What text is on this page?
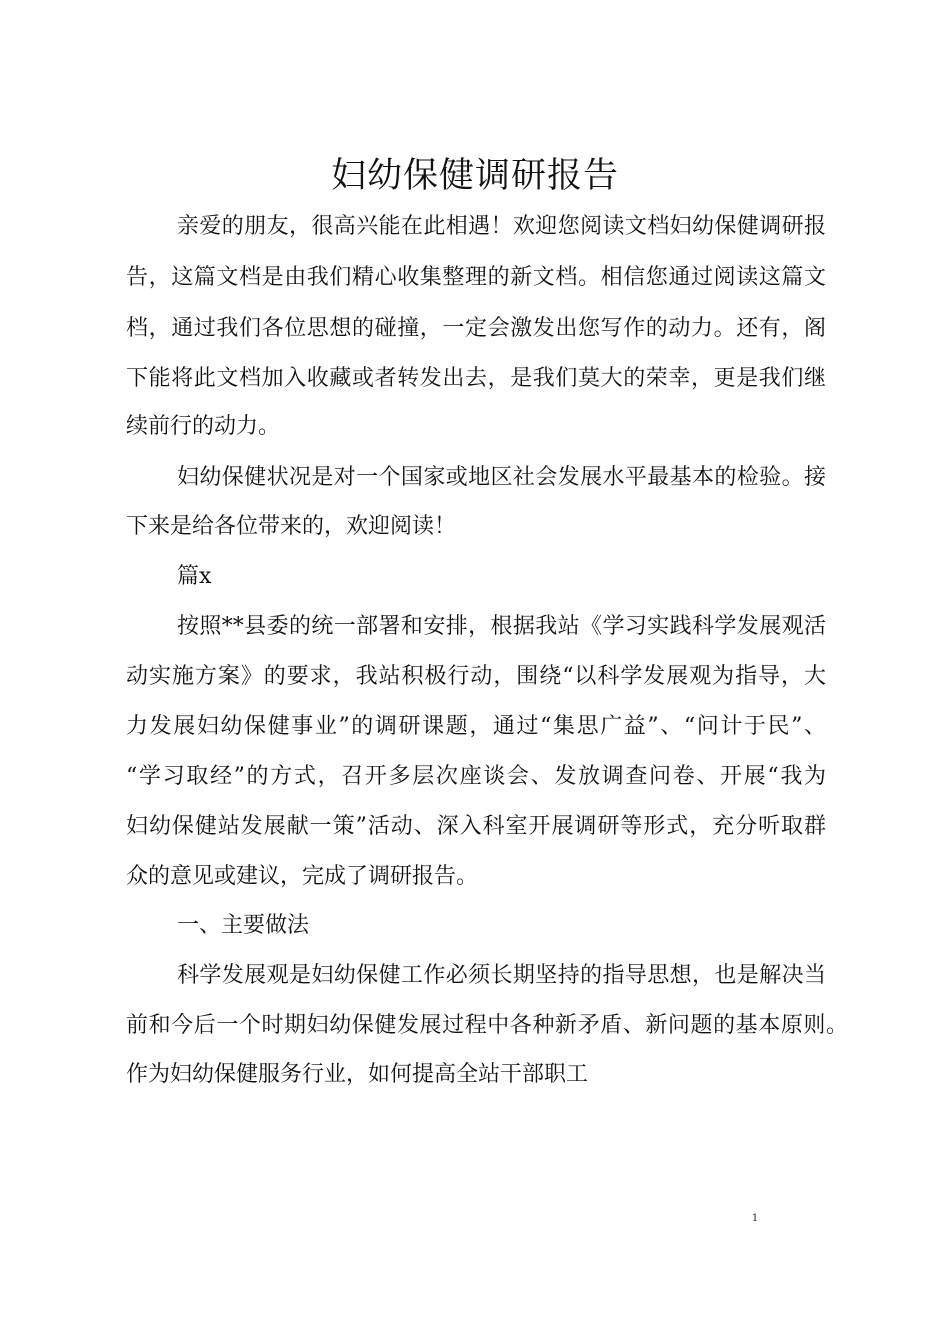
妇幼保健调研报告
亲爱的朋友，很高兴能在此相遇！欢迎您阅读文档妇幼保健调研报
告，这篇文档是由我们精心收集整理的新文档。相信您通过阅读这篇文
档，通过我们各位思想的碰撞，一定会激发出您写作的动力。还有，阁
下能将此文档加入收藏或者转发出去，是我们莫大的荣幸，更是我们继
续前行的动力。
妇幼保健状况是对一个国家或地区社会发展水平最基本的检验。接
下来是给各位带来的，欢迎阅读！
篇x
按照**县委的统一部署和安排，根据我站《学习实践科学发展观活
动实施方案》的要求，我站积极行动，围绕“以科学发展观为指导，大
力发展妇幼保健事业”的调研课题，通过“集思广益”、“问计于民”、
“学习取经”的方式，召开多层次座谈会、发放调查问卷、开展“我为
妇幼保健站发展献一策”活动、深入科室开展调研等形式，充分听取群
众的意见或建议，完成了调研报告。
一、主要做法
科学发展观是妇幼保健工作必须长期坚持的指导思想，也是解决当
前和今后一个时期妇幼保健发展过程中各种新矛盾、新问题的基本原则。
作为妇幼保健服务行业，如何提高全站干部职工
1
